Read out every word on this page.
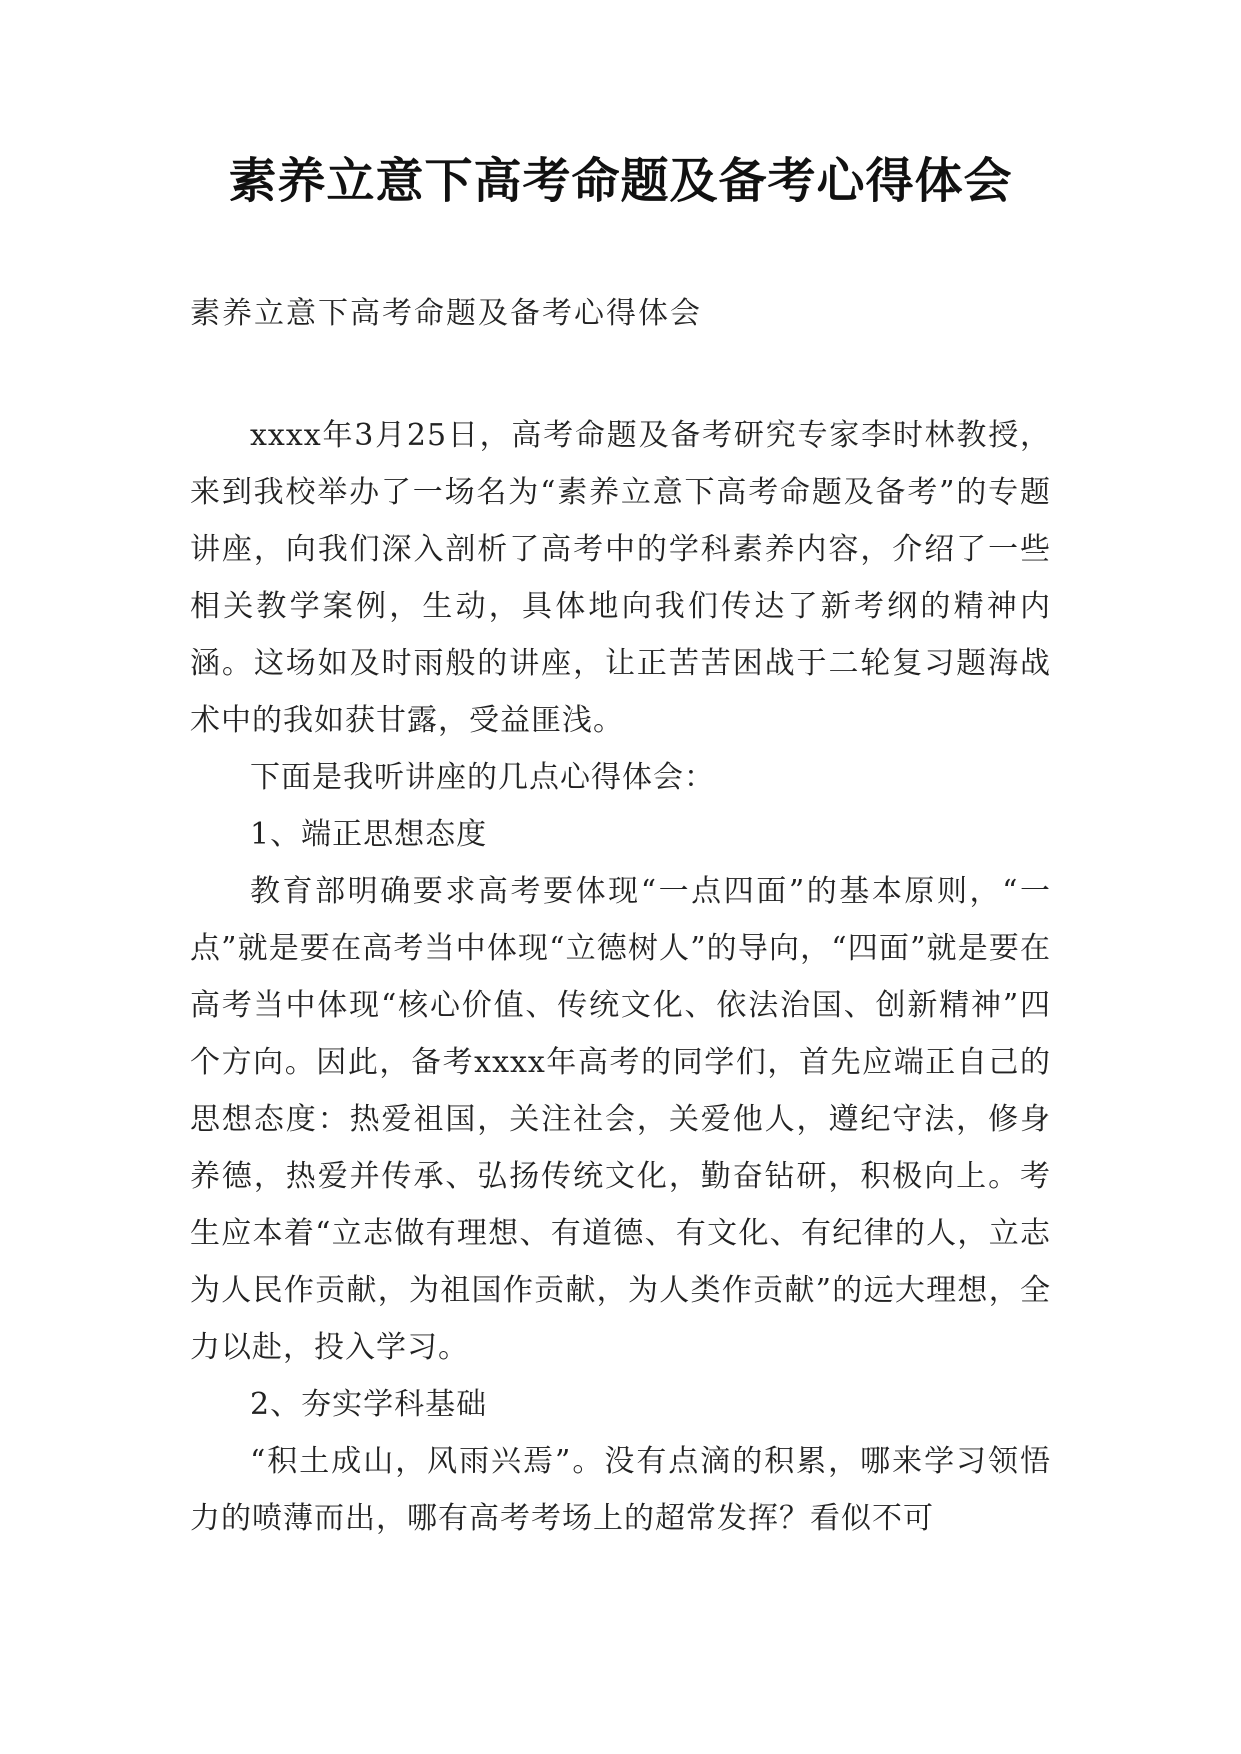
素养立意下高考命题及备考心得体会
素养立意下高考命题及备考心得体会

xxxx年3月25日，高考命题及备考研究专家李时林教授，来到我校举办了一场名为“素养立意下高考命题及备考”的专题讲座，向我们深入剖析了高考中的学科素养内容，介绍了一些相关教学案例，生动，具体地向我们传达了新考纲的精神内涵。这场如及时雨般的讲座，让正苦苦困战于二轮复习题海战术中的我如获甘露，受益匪浅。

下面是我听讲座的几点心得体会：

1、端正思想态度

教育部明确要求高考要体现“一点四面”的基本原则，“一点”就是要在高考当中体现“立德树人”的导向，“四面”就是要在高考当中体现“核心价值、传统文化、依法治国、创新精神”四个方向。因此，备考xxxx年高考的同学们，首先应端正自己的思想态度：热爱祖国，关注社会，关爱他人，遵纪守法，修身养德，热爱并传承、弘扬传统文化，勤奋钻研，积极向上。考生应本着“立志做有理想、有道德、有文化、有纪律的人，立志为人民作贡献，为祖国作贡献，为人类作贡献”的远大理想，全力以赴，投入学习。

2、夯实学科基础

“积土成山，风雨兴焉”。没有点滴的积累，哪来学习领悟力的喷薄而出，哪有高考考场上的超常发挥？看似不可
